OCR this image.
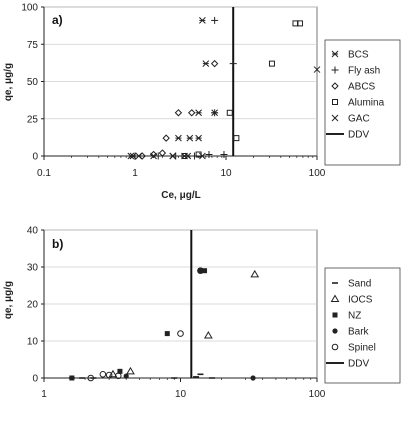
0
25
50
75
100
0.1	1	10	100
a)
Ce, μg/L
qe, μg/g
BCS
Fly ash
ABCS
Alumina
GAC
DDV
0
10
20
30
40
1	10	100
b)
qe, μg/g	Sand
IOCS
NZ
Bark
Spinel
DDV
